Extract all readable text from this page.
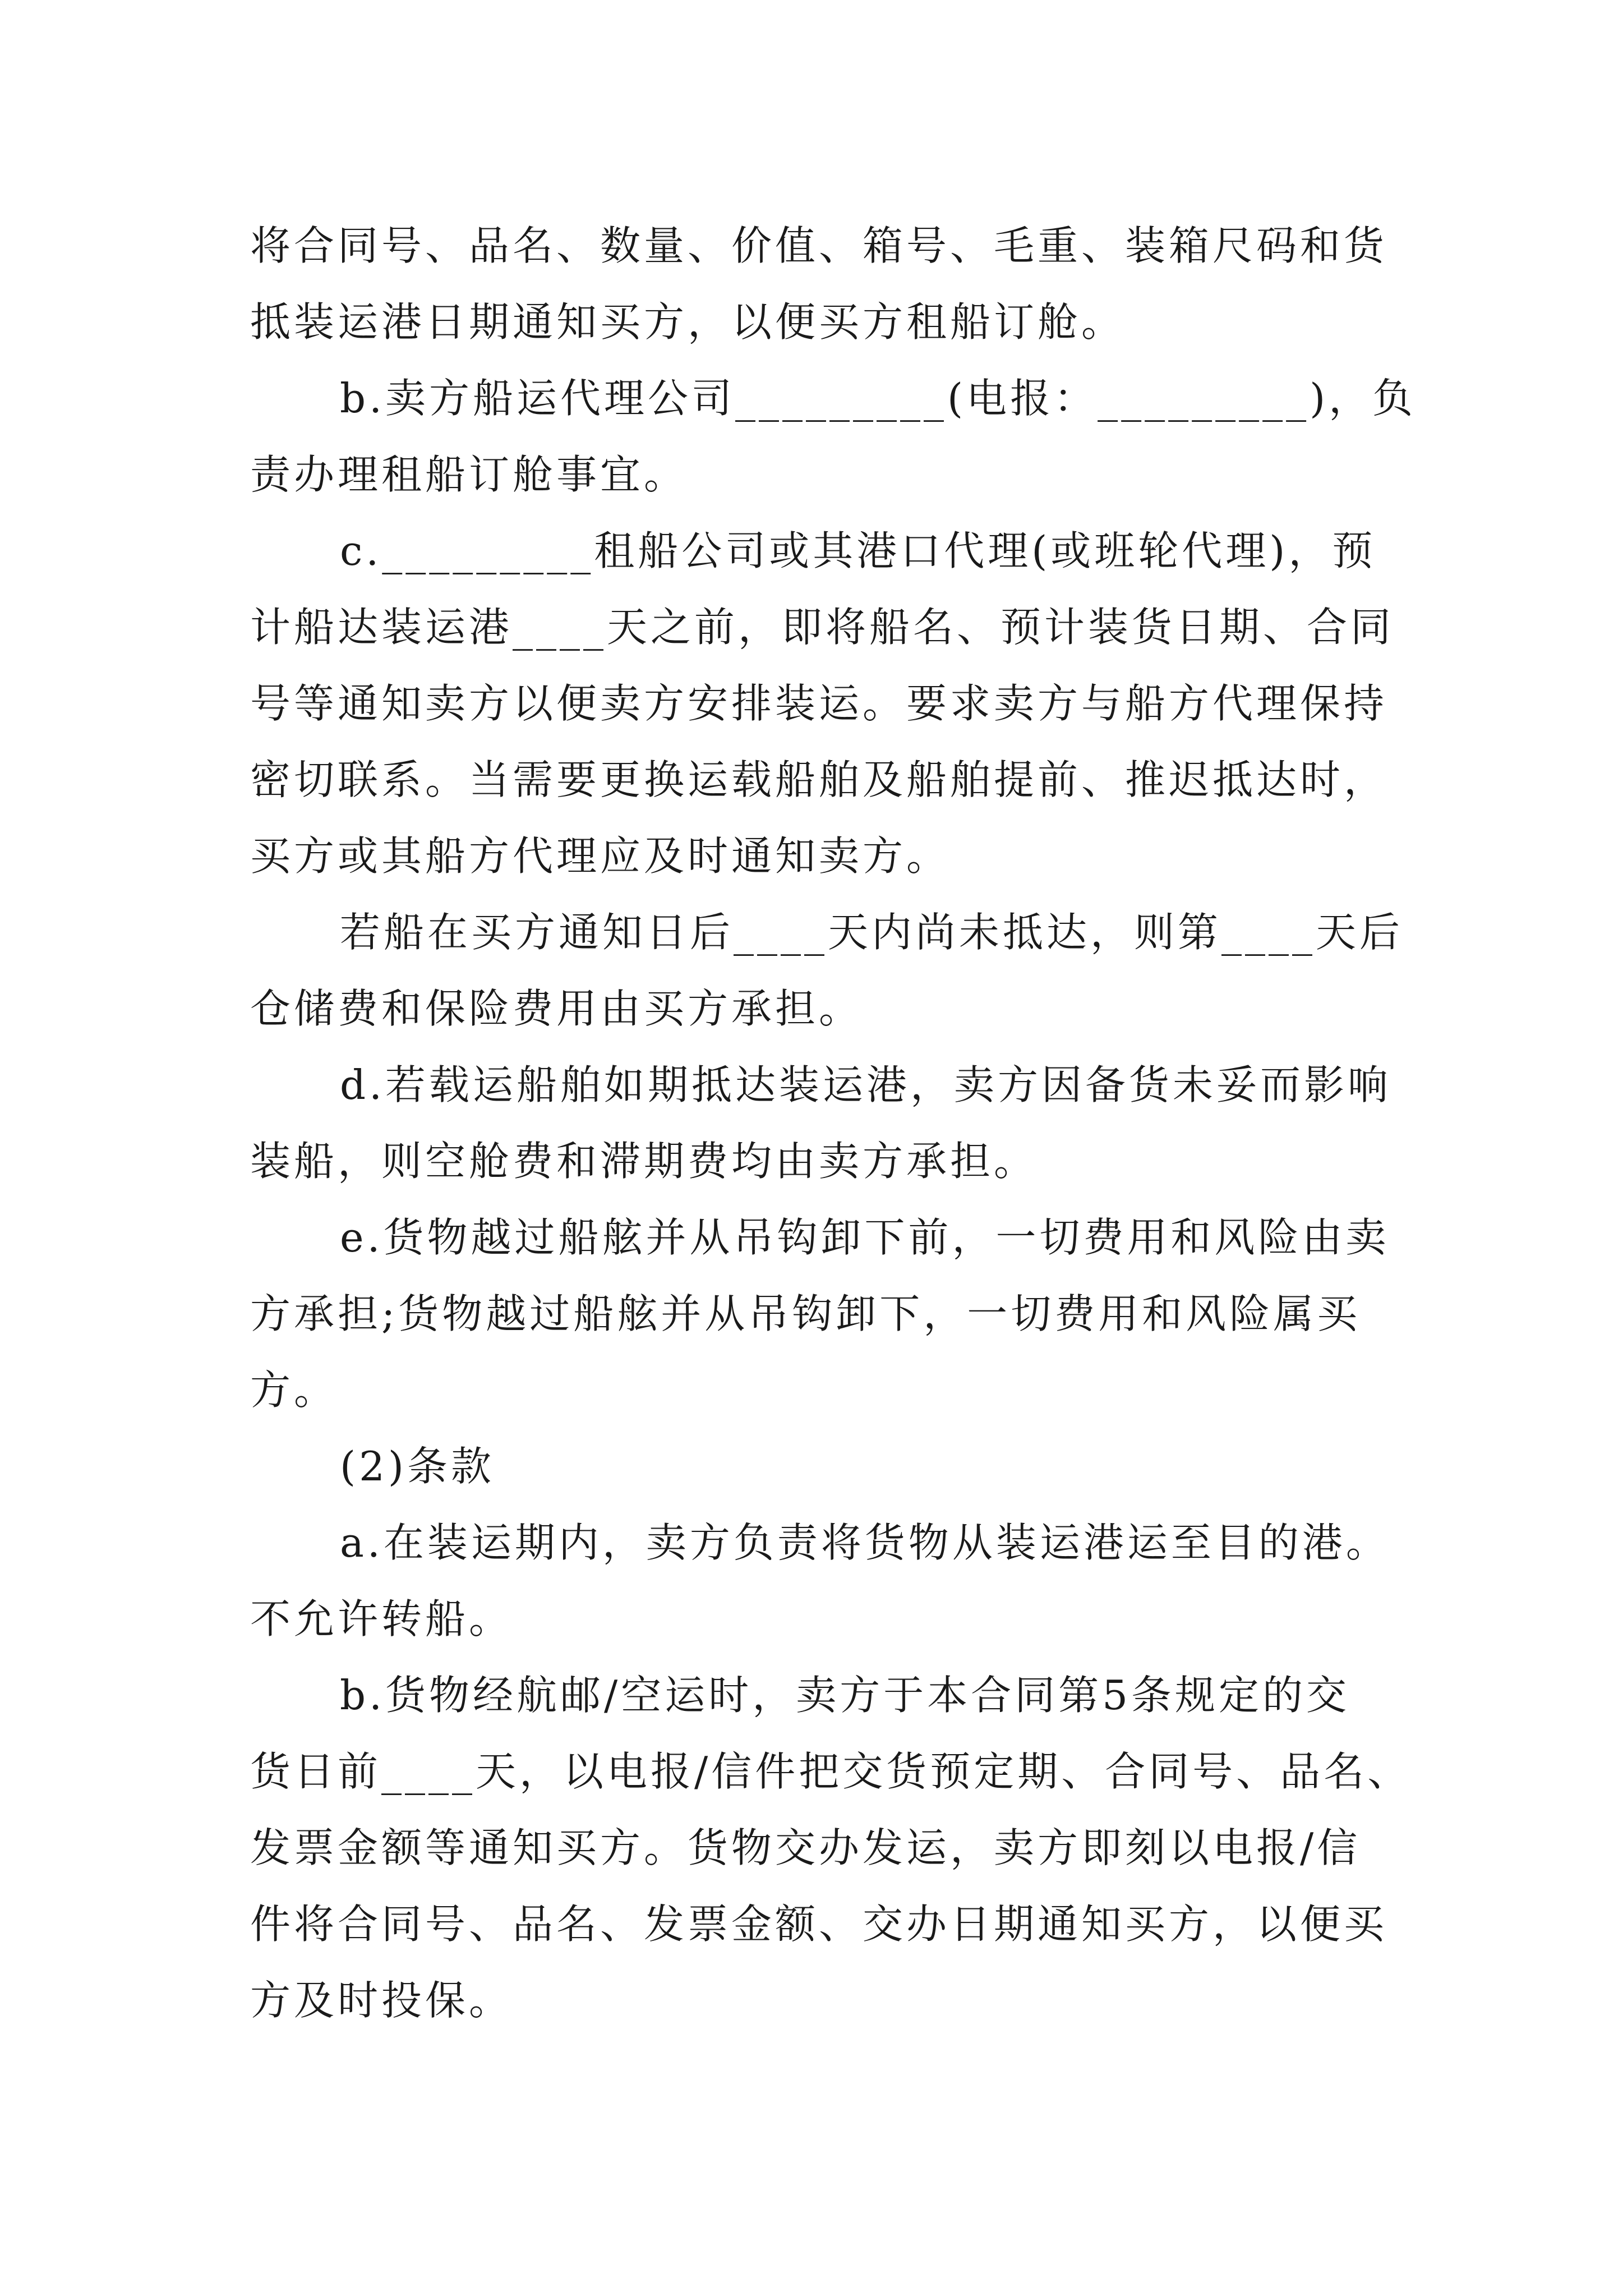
将合同号、品名、数量、价值、箱号、毛重、装箱尺码和货
抵装运港日期通知买方，以便买方租船订舱。
b.卖方船运代理公司_________(电报：_________)，负
责办理租船订舱事宜。
c._________租船公司或其港口代理(或班轮代理)，预
计船达装运港____天之前，即将船名、预计装货日期、合同
号等通知卖方以便卖方安排装运。要求卖方与船方代理保持
密切联系。当需要更换运载船舶及船舶提前、推迟抵达时，
买方或其船方代理应及时通知卖方。
若船在买方通知日后____天内尚未抵达，则第____天后
仓储费和保险费用由买方承担。
d.若载运船舶如期抵达装运港，卖方因备货未妥而影响
装船，则空舱费和滞期费均由卖方承担。
e.货物越过船舷并从吊钩卸下前，一切费用和风险由卖
方承担;货物越过船舷并从吊钩卸下，一切费用和风险属买
方。
(2)条款
a.在装运期内，卖方负责将货物从装运港运至目的港。
不允许转船。
b.货物经航邮/空运时，卖方于本合同第5条规定的交
货日前____天，以电报/信件把交货预定期、合同号、品名、
发票金额等通知买方。货物交办发运，卖方即刻以电报/信
件将合同号、品名、发票金额、交办日期通知买方，以便买
方及时投保。
